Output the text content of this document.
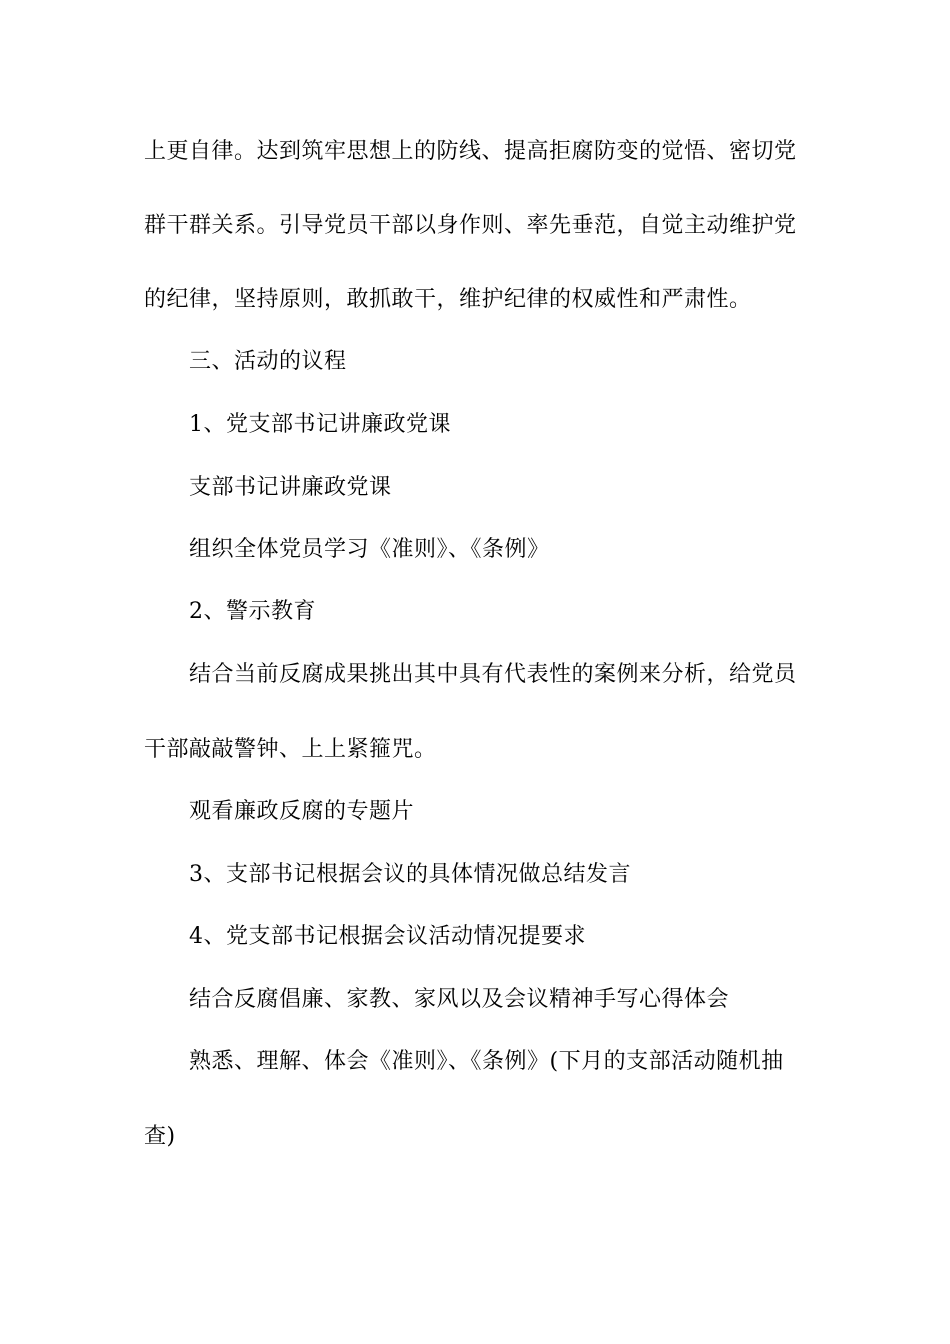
上更自律。达到筑牢思想上的防线、提高拒腐防变的觉悟、密切党
群干群关系。引导党员干部以身作则、率先垂范，自觉主动维护党
的纪律，坚持原则，敢抓敢干，维护纪律的权威性和严肃性。
三、活动的议程
1、党支部书记讲廉政党课
支部书记讲廉政党课
组织全体党员学习《准则》、《条例》
2、警示教育
结合当前反腐成果挑出其中具有代表性的案例来分析，给党员
干部敲敲警钟、上上紧箍咒。
观看廉政反腐的专题片
3、支部书记根据会议的具体情况做总结发言
4、党支部书记根据会议活动情况提要求
结合反腐倡廉、家教、家风以及会议精神手写心得体会
熟悉、理解、体会《准则》、《条例》(下月的支部活动随机抽
查)
